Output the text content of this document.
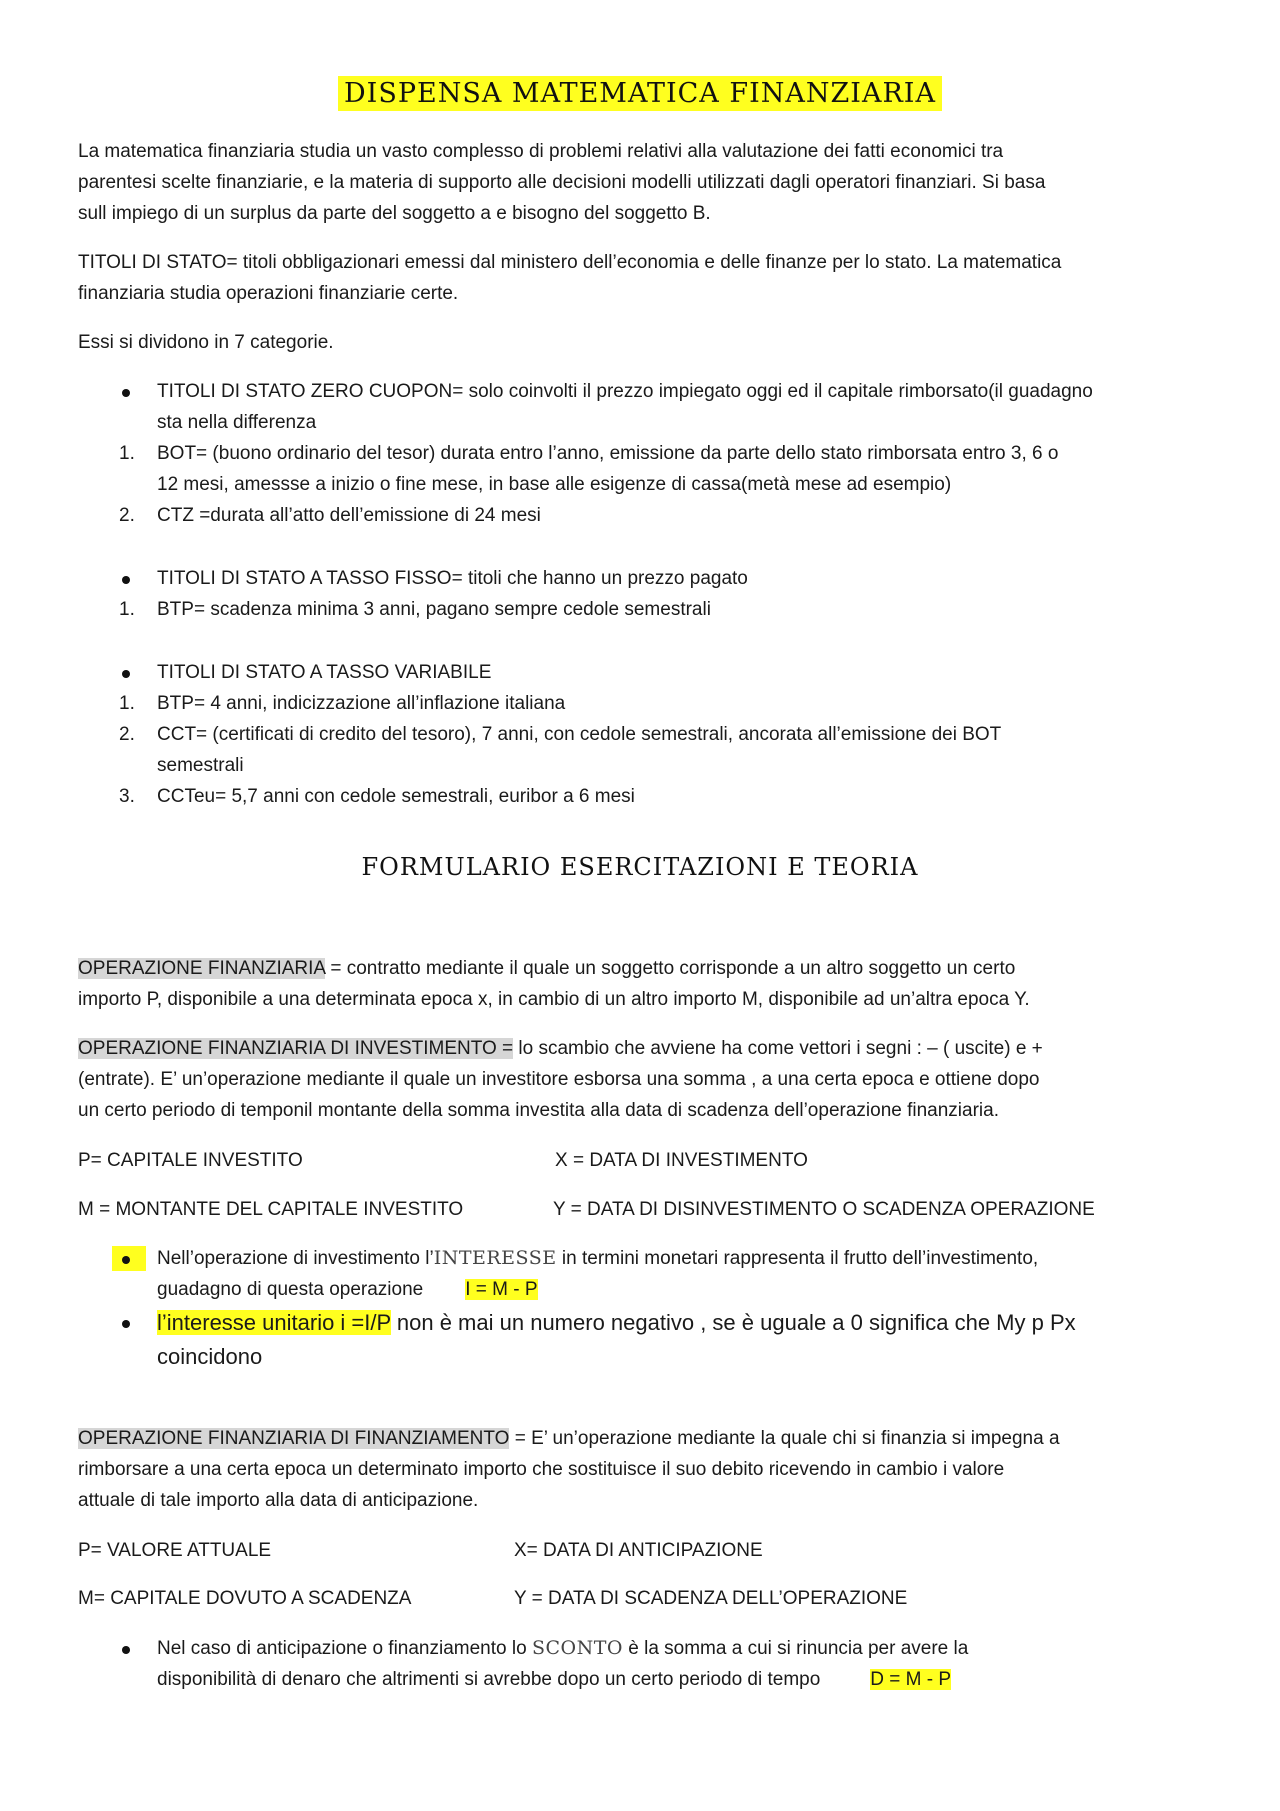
DISPENSA MATEMATICA FINANZIARIA
La matematica finanziaria studia un vasto complesso di problemi relativi alla valutazione dei fatti economici tra
parentesi scelte finanziarie, e la materia di supporto alle decisioni modelli utilizzati dagli operatori finanziari. Si basa
sull impiego di un surplus da parte del soggetto a e bisogno del soggetto B.
TITOLI DI STATO= titoli obbligazionari emessi dal ministero dell’economia e delle finanze per lo stato. La matematica
finanziaria studia operazioni finanziarie certe.
Essi si dividono in 7 categorie.
TITOLI DI STATO ZERO CUOPON= solo coinvolti il prezzo impiegato oggi ed il capitale rimborsato(il guadagno
sta nella differenza
1.	BOT= (buono ordinario del tesor) durata entro l’anno, emissione da parte dello stato rimborsata entro 3, 6 o
12 mesi, amessse a inizio o fine mese, in base alle esigenze di cassa(metà mese ad esempio)
2.	CTZ =durata all’atto dell’emissione di 24 mesi
TITOLI DI STATO A TASSO FISSO= titoli che hanno un prezzo pagato
1.	BTP= scadenza minima 3 anni, pagano sempre cedole semestrali
TITOLI DI STATO A TASSO VARIABILE
1.	BTP= 4 anni, indicizzazione all’inflazione italiana
2.	CCT= (certificati di credito del tesoro), 7 anni, con cedole semestrali, ancorata all’emissione dei BOT
semestrali
3.	CCTeu= 5,7 anni con cedole semestrali, euribor a 6 mesi
FORMULARIO ESERCITAZIONI E TEORIA
OPERAZIONE FINANZIARIA = contratto mediante il quale un soggetto corrisponde a un altro soggetto un certo
importo P, disponibile a una determinata epoca x, in cambio di un altro importo M, disponibile ad un’altra epoca Y.
OPERAZIONE FINANZIARIA DI INVESTIMENTO = lo scambio che avviene ha come vettori i segni : – ( uscite) e +
(entrate). E’ un’operazione mediante il quale un investitore esborsa una somma , a una certa epoca e ottiene dopo
un certo periodo di temponil montante della somma investita alla data di scadenza dell’operazione finanziaria.
P= CAPITALE INVESTITO	X = DATA DI INVESTIMENTO
M = MONTANTE DEL CAPITALE INVESTITO	Y = DATA DI DISINVESTIMENTO O SCADENZA OPERAZIONE
Nell’operazione di investimento l’INTERESSE in termini monetari rappresenta il frutto dell’investimento,
guadagno di questa operazione I = M - P
l’interesse unitario i =I/P non è mai un numero negativo , se è uguale a 0 significa che My p Px
coincidono
OPERAZIONE FINANZIARIA DI FINANZIAMENTO = E’ un’operazione mediante la quale chi si finanzia si impegna a
rimborsare a una certa epoca un determinato importo che sostituisce il suo debito ricevendo in cambio i valore
attuale di tale importo alla data di anticipazione.
P= VALORE ATTUALE	X= DATA DI ANTICIPAZIONE
M= CAPITALE DOVUTO A SCADENZA	Y = DATA DI SCADENZA DELL’OPERAZIONE
Nel caso di anticipazione o finanziamento lo SCONTO è la somma a cui si rinuncia per avere la
disponibilità di denaro che altrimenti si avrebbe dopo un certo periodo di tempo	D = M - P
